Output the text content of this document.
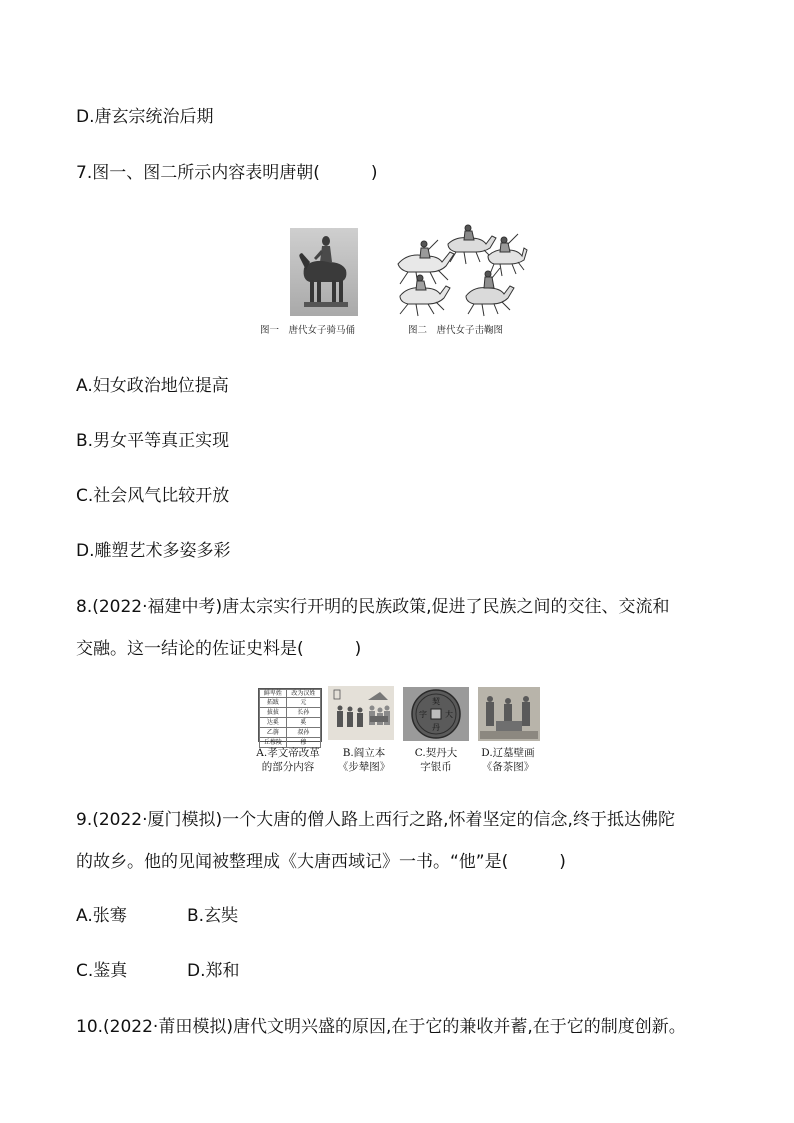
D.唐玄宗统治后期
7.图一、图二所示内容表明唐朝(　　　)
图一　唐代女子骑马俑	图二　唐代女子击鞠图
A.妇女政治地位提高
B.男女平等真正实现
C.社会风气比较开放
D.雕塑艺术多姿多彩
8.(2022·福建中考)唐太宗实行开明的民族政策,促进了民族之间的交往、交流和
交融。这一结论的佐证史料是(　　　)
鲜卑姓	改为汉姓
拓跋	元
拔拔	长孙
达奚	奚
乙旃	叔孙
丘穆陵	穆
契
丹
字 大
A.孝文帝改革
的部分内容
B.阎立本
《步辇图》
C.契丹大
字银币
D.辽墓壁画
《备茶图》
9.(2022·厦门模拟)一个大唐的僧人路上西行之路,怀着坚定的信念,终于抵达佛陀
的故乡。他的见闻被整理成《大唐西域记》一书。“他”是(　　　)
A.张骞	B.玄奘
C.鉴真	D.郑和
10.(2022·莆田模拟)唐代文明兴盛的原因,在于它的兼收并蓄,在于它的制度创新。
